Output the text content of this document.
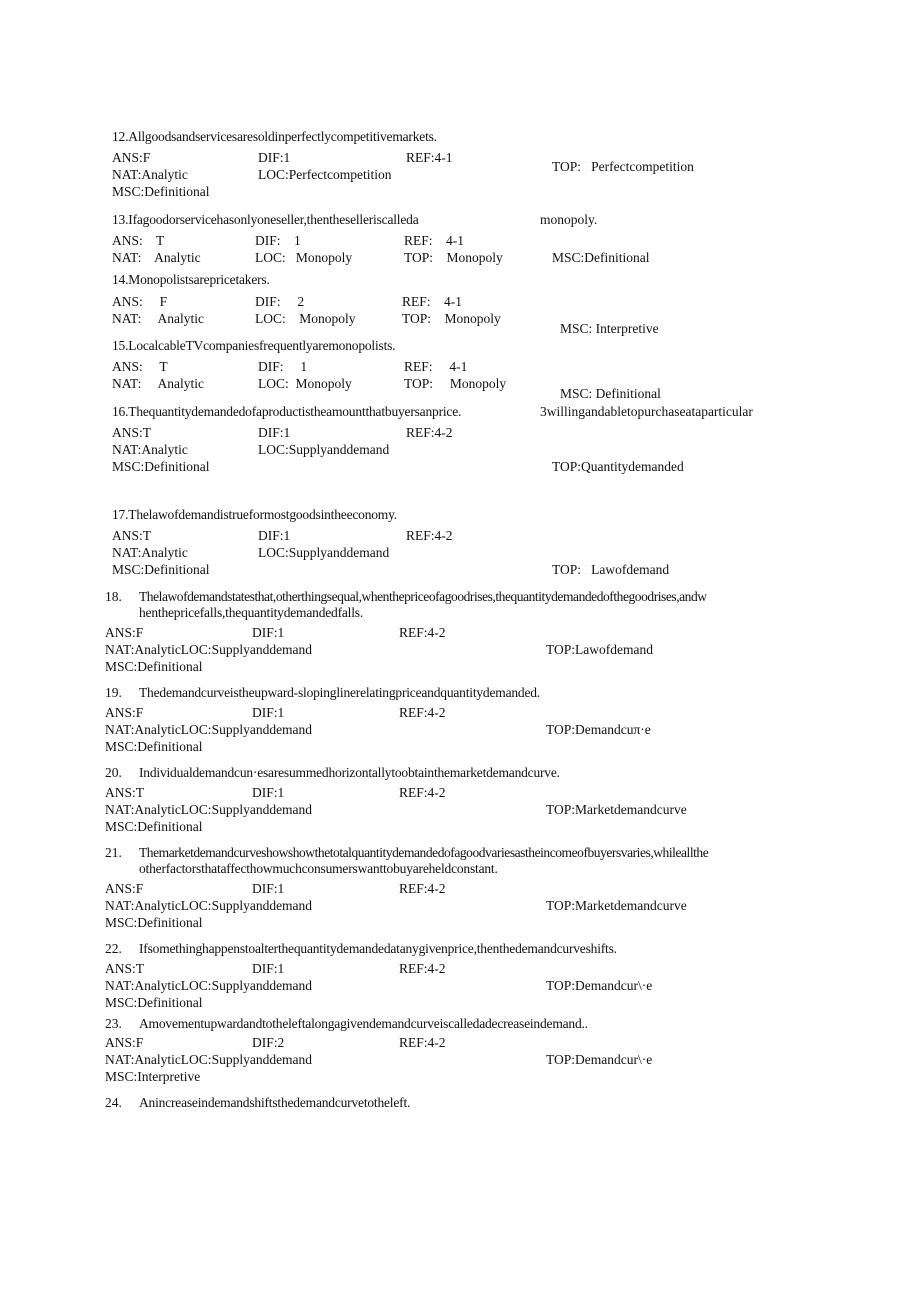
12.Allgoodsandservicesaresoldinperfectlycompetitivemarkets.
ANS:F	DIF:1	REF:4-1
TOP:   Perfectcompetition
NAT:Analytic	LOC:Perfectcompetition
MSC:Definitional
13.Ifagoodorservicehasonlyoneseller,thentheselleriscalleda	monopoly.
ANS:    T	DIF:    1	REF:    4-1
NAT:    Analytic	LOC:   Monopoly	TOP:    Monopoly	MSC:Definitional
14.Monopolistsarepricetakers.
ANS:     F	DIF:     2	REF:    4-1
NAT:     Analytic	LOC:    Monopoly	TOP:    Monopoly
MSC: Interpretive
15.LocalcableTVcompaniesfrequentlyaremonopolists.
ANS:     T	DIF:     1	REF:     4-1
NAT:     Analytic	LOC:  Monopoly	TOP:     Monopoly
MSC: Definitional
16.Thequantitydemandedofaproductistheamountthatbuyersanprice.	3willingandabletopurchaseataparticular
ANS:T	DIF:1	REF:4-2
NAT:Analytic	LOC:Supplyanddemand
MSC:Definitional	TOP:Quantitydemanded
17.Thelawofdemandistrueformostgoodsintheeconomy.
ANS:T	DIF:1	REF:4-2
NAT:Analytic	LOC:Supplyanddemand
MSC:Definitional	TOP:   Lawofdemand
18. Thelawofdemandstatesthat,otherthingsequal,whenthepriceofagoodrises,thequantitydemandedofthegoodrises,andw
henthepricefalls,thequantitydemandedfalls.
ANS:F	DIF:1	REF:4-2
NAT:AnalyticLOC:Supplyanddemand	TOP:Lawofdemand
MSC:Definitional
19. Thedemandcurveistheupward-slopinglinerelatingpriceandquantitydemanded.
ANS:F	DIF:1	REF:4-2
NAT:AnalyticLOC:Supplyanddemand	TOP:Demandcuπ·e
MSC:Definitional
20. Individualdemandcun·esaresummedhorizontallytoobtainthemarketdemandcurve.
ANS:T	DIF:1	REF:4-2
NAT:AnalyticLOC:Supplyanddemand	TOP:Marketdemandcurve
MSC:Definitional
21. Themarketdemandcurveshowshowthetotalquantitydemandedofagoodvariesastheincomeofbuyersvaries,whileallthe
otherfactorsthataffecthowmuchconsumerswanttobuyareheldconstant.
ANS:F	DIF:1	REF:4-2
NAT:AnalyticLOC:Supplyanddemand	TOP:Marketdemandcurve
MSC:Definitional
22. Ifsomethinghappenstoalterthequantitydemandedatanygivenprice,thenthedemandcurveshifts.
ANS:T	DIF:1	REF:4-2
NAT:AnalyticLOC:Supplyanddemand	TOP:Demandcur\·e
MSC:Definitional
23. Amovementupwardandtotheleftalongagivendemandcurveiscalledadecreaseindemand..
ANS:F	DIF:2	REF:4-2
NAT:AnalyticLOC:Supplyanddemand	TOP:Demandcur\·e
MSC:Interpretive
24. Anincreaseindemandshiftsthedemandcurvetotheleft.
